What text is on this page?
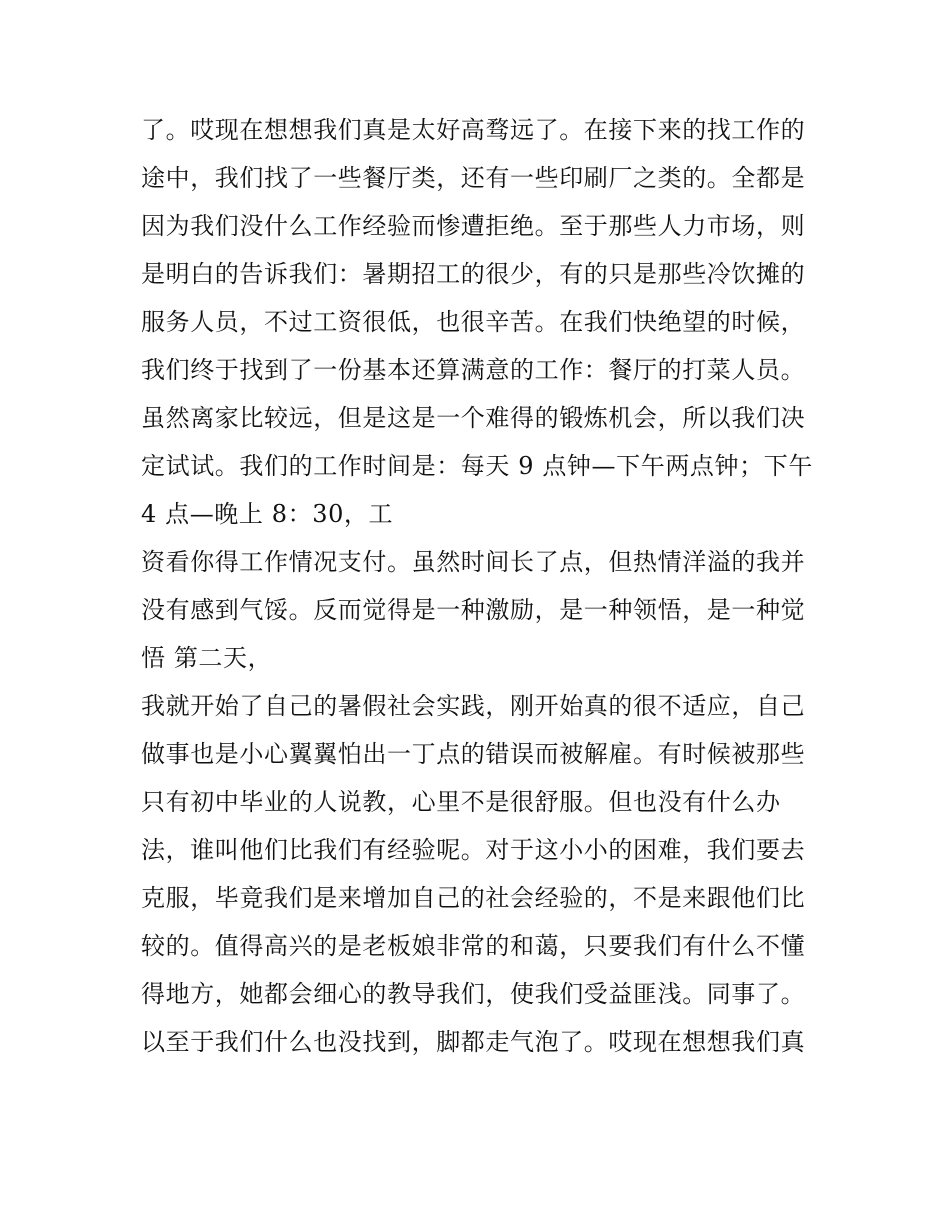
了。哎现在想想我们真是太好高骛远了。在接下来的找工作的
途中，我们找了一些餐厅类，还有一些印刷厂之类的。全都是
因为我们没什么工作经验而惨遭拒绝。至于那些人力市场，则
是明白的告诉我们：暑期招工的很少，有的只是那些冷饮摊的
服务人员，不过工资很低，也很辛苦。在我们快绝望的时候，
我们终于找到了一份基本还算满意的工作：餐厅的打菜人员。
虽然离家比较远，但是这是一个难得的锻炼机会，所以我们决
定试试。我们的工作时间是：每天 9 点钟—下午两点钟；下午
4 点—晚上 8：30，工
资看你得工作情况支付。虽然时间长了点，但热情洋溢的我并
没有感到气馁。反而觉得是一种激励，是一种领悟，是一种觉
悟 第二天，
我就开始了自己的暑假社会实践，刚开始真的很不适应，自己
做事也是小心翼翼怕出一丁点的错误而被解雇。有时候被那些
只有初中毕业的人说教，心里不是很舒服。但也没有什么办
法，谁叫他们比我们有经验呢。对于这小小的困难，我们要去
克服，毕竟我们是来增加自己的社会经验的，不是来跟他们比
较的。值得高兴的是老板娘非常的和蔼，只要我们有什么不懂
得地方，她都会细心的教导我们，使我们受益匪浅。同事了。
以至于我们什么也没找到，脚都走气泡了。哎现在想想我们真
